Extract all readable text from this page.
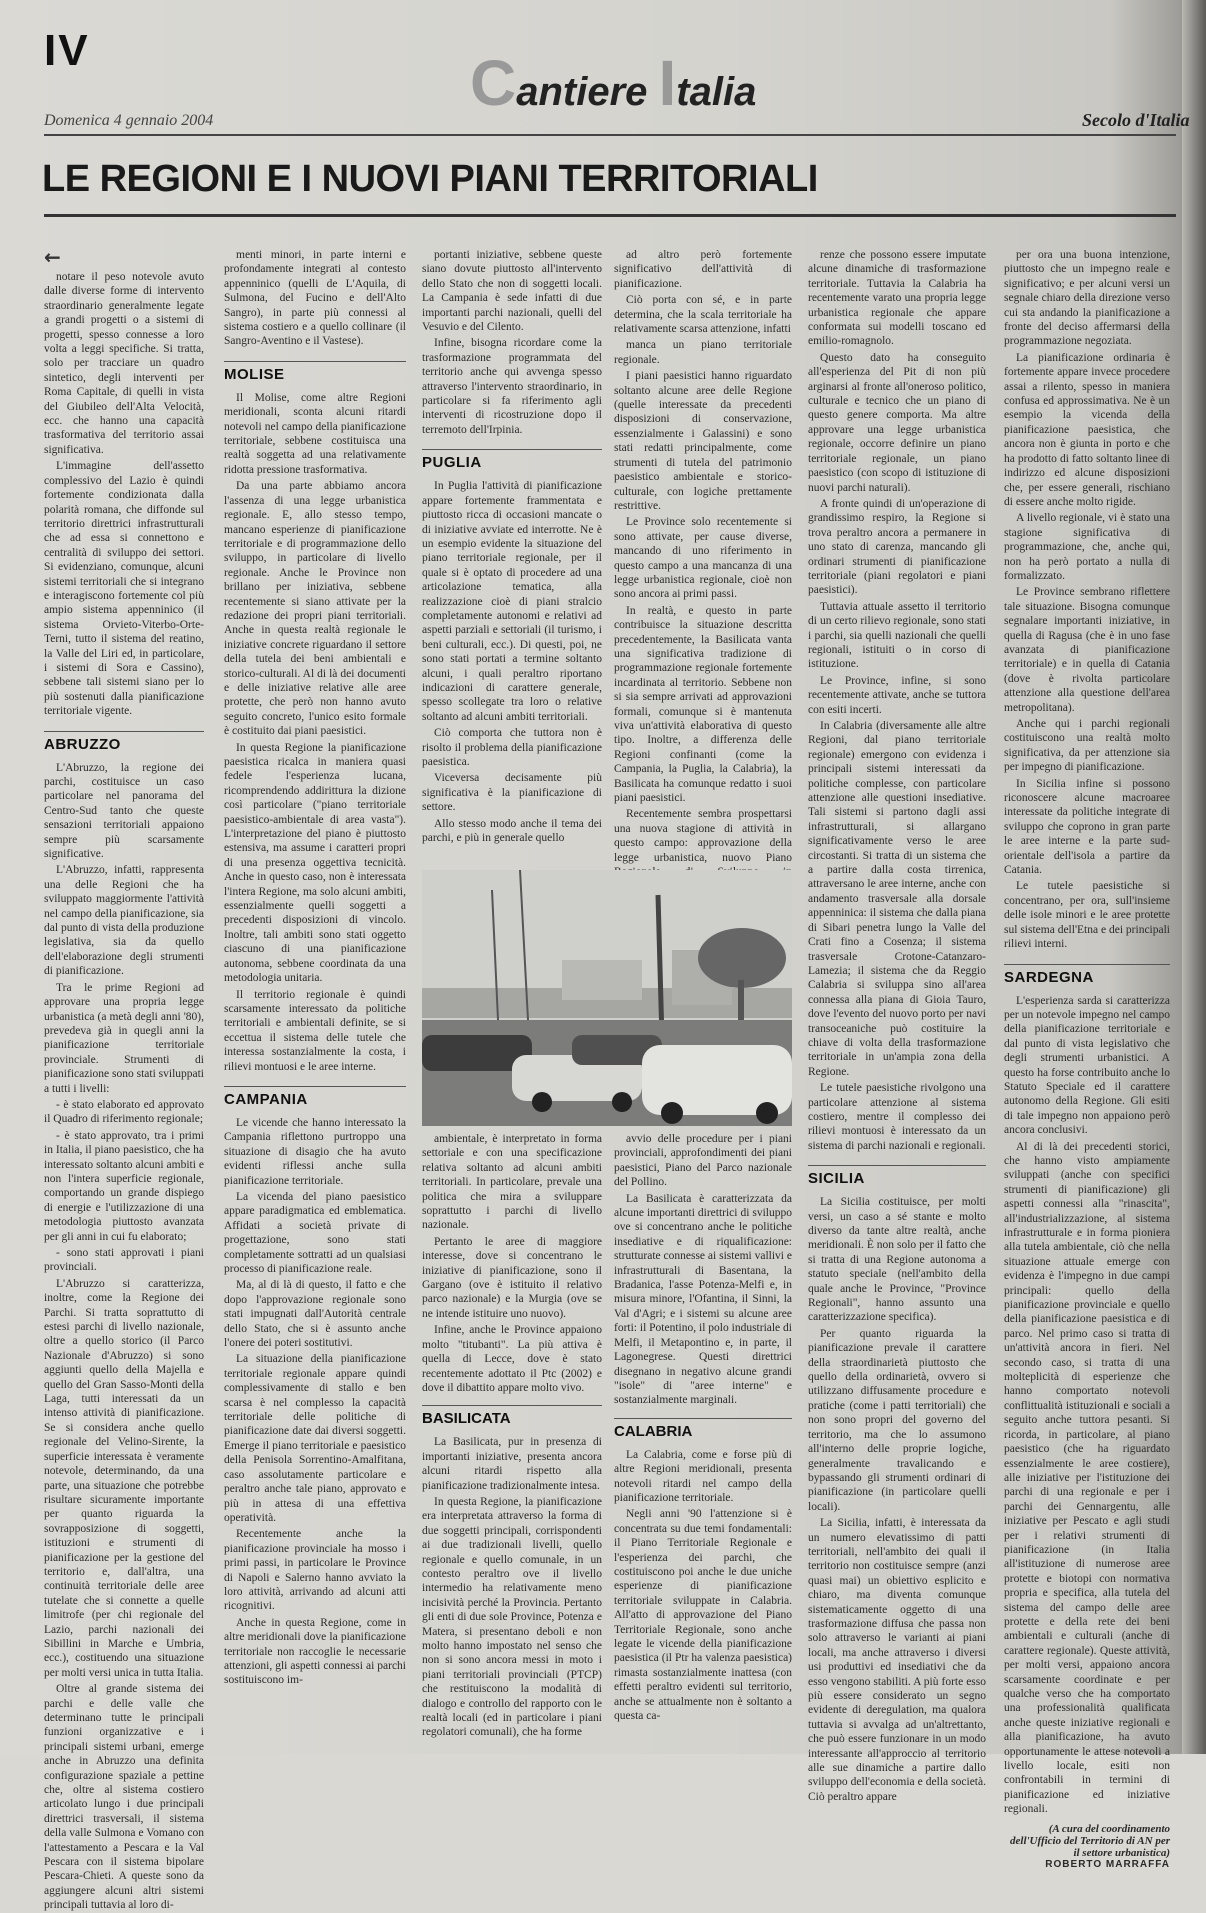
IV	Cantiere Italia
Domenica 4 gennaio 2004	Secolo d'Italia
LE REGIONI E I NUOVI PIANI TERRITORIALI
←

notare il peso notevole avuto dalle diverse forme di intervento straordinario generalmente legate a grandi progetti o a sistemi di progetti, spesso connesse a loro volta a leggi specifiche. Si tratta, solo per tracciare un quadro sintetico, degli interventi per Roma Capitale, di quelli in vista del Giubileo dell'Alta Velocità, ecc. che hanno una capacità trasformativa del territorio assai significativa.

L'immagine dell'assetto complessivo del Lazio è quindi fortemente condizionata dalla polarità romana, che diffonde sul territorio direttrici infrastrutturali che ad essa si connettono e centralità di sviluppo dei settori. Si evidenziano, comunque, alcuni sistemi territoriali che si integrano e interagiscono fortemente col più ampio sistema appenninico (il sistema Orvieto-Viterbo-Orte-Terni, tutto il sistema del reatino, la Valle del Liri ed, in particolare, i sistemi di Sora e Cassino), sebbene tali sistemi siano per lo più sostenuti dalla pianificazione territoriale vigente.

ABRUZZO

L'Abruzzo, la regione dei parchi, costituisce un caso particolare nel panorama del Centro-Sud tanto che queste sensazioni territoriali appaiono sempre più scarsamente significative.

L'Abruzzo, infatti, rappresenta una delle Regioni che ha sviluppato maggiormente l'attività nel campo della pianificazione, sia dal punto di vista della produzione legislativa, sia da quello dell'elaborazione degli strumenti di pianificazione.

Tra le prime Regioni ad approvare una propria legge urbanistica (a metà degli anni '80), prevedeva già in quegli anni la pianificazione territoriale provinciale. Strumenti di pianificazione sono stati sviluppati a tutti i livelli:

- è stato elaborato ed approvato il Quadro di riferimento regionale;

- è stato approvato, tra i primi in Italia, il piano paesistico, che ha interessato soltanto alcuni ambiti e non l'intera superficie regionale, comportando un grande dispiego di energie e l'utilizzazione di una metodologia piuttosto avanzata per gli anni in cui fu elaborato;

- sono stati approvati i piani provinciali.

L'Abruzzo si caratterizza, inoltre, come la Regione dei Parchi. Si tratta soprattutto di estesi parchi di livello nazionale, oltre a quello storico (il Parco Nazionale d'Abruzzo) si sono aggiunti quello della Majella e quello del Gran Sasso-Monti della Laga, tutti interessati da un intenso attività di pianificazione. Se si considera anche quello regionale del Velino-Sirente, la superficie interessata è veramente notevole, determinando, da una parte, una situazione che potrebbe risultare sicuramente importante per quanto riguarda la sovrapposizione di soggetti, istituzioni e strumenti di pianificazione per la gestione del territorio e, dall'altra, una continuità territoriale delle aree tutelate che si connette a quelle limitrofe (per chi regionale del Lazio, parchi nazionali dei Sibillini in Marche e Umbria, ecc.), costituendo una situazione per molti versi unica in tutta Italia.

Oltre al grande sistema dei parchi e delle valle che determinano tutte le principali funzioni organizzative e i principali sistemi urbani, emerge anche in Abruzzo una definita configurazione spaziale a pettine che, oltre al sistema costiero articolato lungo i due principali direttrici trasversali, il sistema della valle Sulmona e Vomano con l'attestamento a Pescara e la Val Pescara con il sistema bipolare Pescara-Chieti. A queste sono da aggiungere alcuni altri sistemi principali tuttavia al loro di-

menti minori, in parte interni e profondamente integrati al contesto appenninico (quelli de L'Aquila, di Sulmona, del Fucino e dell'Alto Sangro), in parte più connessi al sistema costiero e a quello collinare (il Sangro-Aventino e il Vastese).

MOLISE

Il Molise, come altre Regioni meridionali, sconta alcuni ritardi notevoli nel campo della pianificazione territoriale, sebbene costituisca una realtà soggetta ad una relativamente ridotta pressione trasformativa.

Da una parte abbiamo ancora l'assenza di una legge urbanistica regionale. E, allo stesso tempo, mancano esperienze di pianificazione territoriale e di programmazione dello sviluppo, in particolare di livello regionale. Anche le Province non brillano per iniziativa, sebbene recentemente si siano attivate per la redazione dei propri piani territoriali. Anche in questa realtà regionale le iniziative concrete riguardano il settore della tutela dei beni ambientali e storico-culturali. Al di là dei documenti e delle iniziative relative alle aree protette, che però non hanno avuto seguito concreto, l'unico esito formale è costituito dai piani paesistici.

In questa Regione la pianificazione paesistica ricalca in maniera quasi fedele l'esperienza lucana, ricomprendendo addirittura la dizione così particolare ("piano territoriale paesistico-ambientale di area vasta"). L'interpretazione del piano è piuttosto estensiva, ma assume i caratteri propri di una presenza oggettiva tecnicità. Anche in questo caso, non è interessata l'intera Regione, ma solo alcuni ambiti, essenzialmente quelli soggetti a precedenti disposizioni di vincolo. Inoltre, tali ambiti sono stati oggetto ciascuno di una pianificazione autonoma, sebbene coordinata da una metodologia unitaria.

Il territorio regionale è quindi scarsamente interessato da politiche territoriali e ambientali definite, se si eccettua il sistema delle tutele che interessa sostanzialmente la costa, i rilievi montuosi e le aree interne.

CAMPANIA

Le vicende che hanno interessato la Campania riflettono purtroppo una situazione di disagio che ha avuto evidenti riflessi anche sulla pianificazione territoriale.

La vicenda del piano paesistico appare paradigmatica ed emblematica. Affidati a società private di progettazione, sono stati completamente sottratti ad un qualsiasi processo di pianificazione reale.

Ma, al di là di questo, il fatto e che dopo l'approvazione regionale sono stati impugnati dall'Autorità centrale dello Stato, che si è assunto anche l'onere dei poteri sostitutivi.

La situazione della pianificazione territoriale regionale appare quindi complessivamente di stallo e ben scarsa è nel complesso la capacità territoriale delle politiche di pianificazione date dai diversi soggetti. Emerge il piano territoriale e paesistico della Penisola Sorrentino-Amalfitana, caso assolutamente particolare e peraltro anche tale piano, approvato e più in attesa di una effettiva operatività.

Recentemente anche la pianificazione provinciale ha mosso i primi passi, in particolare le Province di Napoli e Salerno hanno avviato la loro attività, arrivando ad alcuni atti ricognitivi.

Anche in questa Regione, come in altre meridionali dove la pianificazione territoriale non raccoglie le necessarie attenzioni, gli aspetti connessi ai parchi sostituiscono im-

portanti iniziative, sebbene queste siano dovute piuttosto all'intervento dello Stato che non di soggetti locali. La Campania è sede infatti di due importanti parchi nazionali, quelli del Vesuvio e del Cilento.

Infine, bisogna ricordare come la trasformazione programmata del territorio anche qui avvenga spesso attraverso l'intervento straordinario, in particolare si fa riferimento agli interventi di ricostruzione dopo il terremoto dell'Irpinia.

PUGLIA

In Puglia l'attività di pianificazione appare fortemente frammentata e piuttosto ricca di occasioni mancate o di iniziative avviate ed interrotte. Ne è un esempio evidente la situazione del piano territoriale regionale, per il quale si è optato di procedere ad una articolazione tematica, alla realizzazione cioè di piani stralcio completamente autonomi e relativi ad aspetti parziali e settoriali (il turismo, i beni culturali, ecc.). Di questi, poi, ne sono stati portati a termine soltanto alcuni, i quali peraltro riportano indicazioni di carattere generale, spesso scollegate tra loro o relative soltanto ad alcuni ambiti territoriali.

Ciò comporta che tuttora non è risolto il problema della pianificazione paesistica.

Viceversa decisamente più significativa è la pianificazione di settore.

Allo stesso modo anche il tema dei parchi, e più in generale quello

ad altro però fortemente significativo dell'attività di pianificazione.

Ciò porta con sé, e in parte determina, che la scala territoriale ha relativamente scarsa attenzione, infatti

manca un piano territoriale regionale.

I piani paesistici hanno riguardato soltanto alcune aree delle Regione (quelle interessate da precedenti disposizioni di conservazione, essenzialmente i Galassini) e sono stati redatti principalmente, come strumenti di tutela del patrimonio paesistico ambientale e storico-culturale, con logiche prettamente restrittive.

Le Province solo recentemente si sono attivate, per cause diverse, mancando di uno riferimento in questo campo a una mancanza di una legge urbanistica regionale, cioè non sono ancora ai primi passi.

In realtà, e questo in parte contribuisce la situazione descritta precedentemente, la Basilicata vanta una significativa tradizione di programmazione regionale fortemente incardinata al territorio. Sebbene non si sia sempre arrivati ad approvazioni formali, comunque si è mantenuta viva un'attività elaborativa di questo tipo. Inoltre, a differenza delle Regioni confinanti (come la Campania, la Puglia, la Calabria), la Basilicata ha comunque redatto i suoi piani paesistici.

Recentemente sembra prospettarsi una nuova stagione di attività in questo campo: approvazione della legge urbanistica, nuovo Piano

renze che possono essere imputate alcune dinamiche di trasformazione territoriale. Tuttavia la Calabria ha recentemente varato una propria legge urbanistica regionale che appare conformata sui modelli toscano ed emilio-romagnolo.

Questo dato ha conseguito all'esperienza del Pit di non più arginarsi al fronte all'oneroso politico, culturale e tecnico che un piano di questo genere comporta. Ma altre approvare una legge urbanistica regionale, occorre definire un piano territoriale regionale, un piano paesistico (con scopo di istituzione di nuovi parchi naturali).

A fronte quindi di un'operazione di grandissimo respiro, la Regione si trova peraltro ancora a permanere in uno stato di carenza, mancando gli ordinari strumenti di pianificazione territoriale (piani regolatori e piani paesistici).

Tuttavia attuale assetto il territorio di un certo rilievo regionale, sono stati i parchi, sia quelli nazionali che quelli regionali, istituiti o in corso di istituzione.

Le Province, infine, si sono recentemente attivate, anche se tuttora con esiti incerti.

In Calabria (diversamente alle altre Regioni, dal piano territoriale regionale) emergono con evidenza i principali sistemi interessati da politiche complesse, con particolare attenzione alle questioni insediative. Tali sistemi si partono dagli assi infrastrutturali, si allargano significativamente verso le aree circostanti. Si tratta di un sistema che a partire dalla costa tirrenica, attraversano le aree interne, anche con andamento trasversale alla dorsale appenninica: il sistema che dalla piana di Sibari penetra lungo la Valle del Crati fino a Cosenza; il sistema trasversale Crotone-Catanzaro-Lamezia; il sistema che da Reggio Calabria si sviluppa sino all'area connessa alla piana di Gioia Tauro, dove l'evento del nuovo porto per navi transoceaniche può costituire la chiave di volta della trasformazione territoriale in un'ampia zona della Regione.

Le tutele paesistiche rivolgono una particolare attenzione al sistema costiero, mentre il complesso dei rilievi montuosi è interessato da un sistema di parchi nazionali e regionali.

SICILIA

La Sicilia costituisce, per molti versi, un caso a sé stante e molto diverso da tante altre realtà, anche meridionali. È non solo per il fatto che si tratta di una Regione autonoma a statuto speciale (nell'ambito della quale anche le Province, "Province Regionali", hanno assunto una caratterizzazione specifica).

Per quanto riguarda la pianificazione prevale il carattere della straordinarietà piuttosto che quello della ordinarietà, ovvero si utilizzano diffusamente procedure e pratiche (come i patti territoriali) che non sono propri del governo del territorio, ma che lo assumono all'interno delle proprie logiche, generalmente travalicando e bypassando gli strumenti ordinari di pianificazione (in particolare quelli locali).

La Sicilia, infatti, è interessata da un numero elevatissimo di patti territoriali, nell'ambito dei quali il territorio non costituisce sempre (anzi quasi mai) un obiettivo esplicito e chiaro, ma diventa comunque sistematicamente oggetto di una trasformazione diffusa che passa non solo attraverso le varianti ai piani locali, ma anche attraverso i diversi usi produttivi ed insediativi che da esso vengono stabiliti. A più forte esso più essere considerato un segno evidente di deregulation, ma qualora tuttavia si avvalga ad un'altrettanto, che può essere funzionare in un modo interessante all'approccio al territorio alle sue dinamiche a partire dallo sviluppo dell'economia e della società. Ciò peraltro appare

per ora una buona intenzione, piuttosto che un impegno reale e significativo; e per alcuni versi un segnale chiaro della direzione verso cui sta andando la pianificazione a fronte del deciso affermarsi della programmazione negoziata.

La pianificazione ordinaria è fortemente appare invece procedere assai a rilento, spesso in maniera confusa ed approssimativa. Ne è un esempio la vicenda della pianificazione paesistica, che ancora non è giunta in porto e che ha prodotto di fatto soltanto linee di indirizzo ed alcune disposizioni che, per essere generali, rischiano di essere anche molto rigide.

A livello regionale, vi è stato una stagione significativa di programmazione, che, anche qui, non ha però portato a nulla di formalizzato.

Le Province sembrano riflettere tale situazione. Bisogna comunque segnalare importanti iniziative, in quella di Ragusa (che è in uno fase avanzata di pianificazione territoriale) e in quella di Catania (dove è rivolta particolare attenzione alla questione dell'area metropolitana).

Anche qui i parchi regionali costituiscono una realtà molto significativa, da per attenzione sia per impegno di pianificazione.

In Sicilia infine si possono riconoscere alcune macroaree interessate da politiche integrate di sviluppo che coprono in gran parte le aree interne e la parte sud-orientale dell'isola a partire da Catania.

Le tutele paesistiche si concentrano, per ora, sull'insieme delle isole minori e le aree protette sul sistema dell'Etna e dei principali rilievi interni.

SARDEGNA

L'esperienza sarda si caratterizza per un notevole impegno nel campo della pianificazione territoriale e dal punto di vista legislativo che degli strumenti urbanistici. A questo ha forse contribuito anche lo Statuto Speciale ed il carattere autonomo della Regione. Gli esiti di tale impegno non appaiono però ancora conclusivi.

Al di là dei precedenti storici, che hanno visto ampiamente sviluppati (anche con specifici strumenti di pianificazione) gli aspetti connessi alla "rinascita", all'industrializzazione, al sistema infrastrutturale e in forma pioniera alla tutela ambientale, ciò che nella situazione attuale emerge con evidenza è l'impegno in due campi principali: quello della pianificazione provinciale e quello della pianificazione paesistica e di parco. Nel primo caso si tratta di un'attività ancora in fieri. Nel secondo caso, si tratta di una molteplicità di esperienze che hanno comportato notevoli conflittualità istituzionali e sociali a seguito anche tuttora pesanti. Si ricorda, in particolare, al piano paesistico (che ha riguardato essenzialmente le aree costiere), alle iniziative per l'istituzione dei parchi di una regionale e per i parchi dei Gennargentu, alle iniziative per Pescato e agli studi per i relativi strumenti di pianificazione (in Italia all'istituzione di numerose aree protette e biotopi con normativa propria e specifica, alla tutela del sistema del campo delle aree protette e della rete dei beni ambientali e culturali (anche di carattere regionale). Queste attività, per molti versi, appaiono ancora scarsamente coordinate e per qualche verso che ha comportato una professionalità qualificata anche queste iniziative regionali e alla pianificazione, ha avuto opportunamente le attese notevoli a livello locale, esiti non confrontabili in termini di pianificazione ed iniziative regionali.

(A cura del coordinamento dell'Ufficio del Territorio di AN per il settore urbanistica)
ROBERTO MARRAFFA

ambientale, è interpretato in forma settoriale e con una specificazione relativa soltanto ad alcuni ambiti territoriali. In particolare, prevale una politica che mira a sviluppare soprattutto i parchi di livello nazionale.

Pertanto le aree di maggiore interesse, dove si concentrano le iniziative di pianificazione, sono il Gargano (ove è istituito il relativo parco nazionale) e la Murgia (ove se ne intende istituire uno nuovo).

Infine, anche le Province appaiono molto "titubanti". La più attiva è quella di Lecce, dove è stato recentemente adottato il Ptc (2002) e dove il dibattito appare molto vivo.

BASILICATA

La Basilicata, pur in presenza di importanti iniziative, presenta ancora alcuni ritardi rispetto alla pianificazione tradizionalmente intesa.

In questa Regione, la pianificazione era interpretata attraverso la forma di due soggetti principali, corrispondenti ai due tradizionali livelli, quello regionale e quello comunale, in un contesto peraltro ove il livello intermedio ha relativamente meno incisività perché la Provincia. Pertanto gli enti di due sole Province, Potenza e Matera, si presentano deboli e non molto hanno impostato nel senso che non si sono ancora messi in moto i piani territoriali provinciali (PTCP) che restituiscono la modalità di dialogo e controllo del rapporto con le realtà locali (ed in particolare i piani regolatori comunali), che ha forme

avvio delle procedure per i piani provinciali, approfondimenti dei piani paesistici, Piano del Parco nazionale del Pollino.

La Basilicata è caratterizzata da alcune importanti direttrici di sviluppo ove si concentrano anche le politiche insediative e di riqualificazione: strutturate connesse ai sistemi vallivi e infrastrutturali di Basentana, la Bradanica, l'asse Potenza-Melfi e, in misura minore, l'Ofantina, il Sinni, la Val d'Agri; e i sistemi su alcune aree forti: il Potentino, il polo industriale di Melfi, il Metapontino e, in parte, il Lagonegrese. Questi direttrici disegnano in negativo alcune grandi "isole" di "aree interne" e sostanzialmente marginali.

CALABRIA

La Calabria, come e forse più di altre Regioni meridionali, presenta notevoli ritardi nel campo della pianificazione territoriale.

Negli anni '90 l'attenzione si è concentrata su due temi fondamentali: il Piano Territoriale Regionale e l'esperienza dei parchi, che costituiscono poi anche le due uniche esperienze di pianificazione territoriale sviluppate in Calabria. All'atto di approvazione del Piano Territoriale Regionale, sono anche legate le vicende della pianificazione paesistica (il Ptr ha valenza paesistica) rimasta sostanzialmente inattesa (con effetti peraltro evidenti sul territorio, anche se attualmente non è soltanto a questa ca-
